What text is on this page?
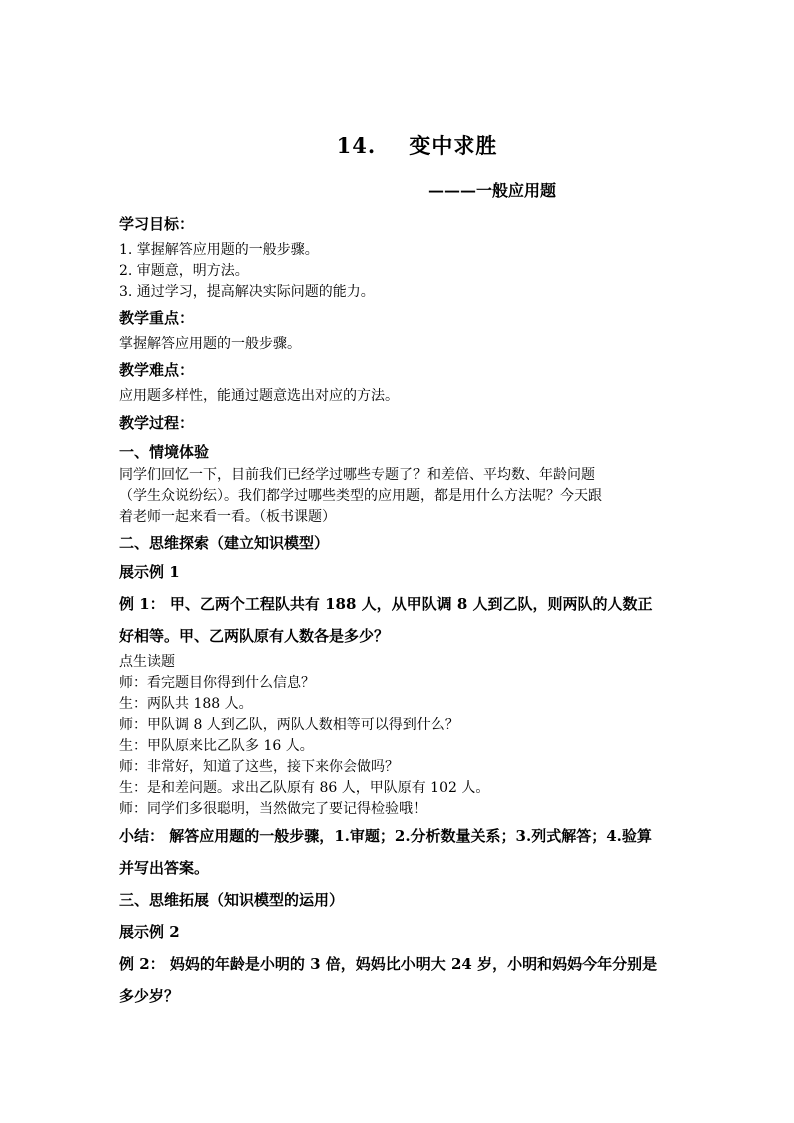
14.    变中求胜
———一般应用题
学习目标：
1. 掌握解答应用题的一般步骤。
2. 审题意，明方法。
3. 通过学习，提高解决实际问题的能力。
教学重点：
掌握解答应用题的一般步骤。
教学难点：
应用题多样性，能通过题意选出对应的方法。
教学过程：
一、情境体验
同学们回忆一下，目前我们已经学过哪些专题了？和差倍、平均数、年龄问题
（学生众说纷纭）。我们都学过哪些类型的应用题，都是用什么方法呢？今天跟
着老师一起来看一看。（板书课题）
二、思维探索（建立知识模型）
展示例 1
例 1： 甲、乙两个工程队共有 188 人，从甲队调 8 人到乙队，则两队的人数正
好相等。甲、乙两队原有人数各是多少？
点生读题
师：看完题目你得到什么信息？
生：两队共 188 人。
师：甲队调 8 人到乙队，两队人数相等可以得到什么？
生：甲队原来比乙队多 16 人。
师：非常好，知道了这些，接下来你会做吗？
生：是和差问题。求出乙队原有 86 人，甲队原有 102 人。
师：同学们多很聪明，当然做完了要记得检验哦！
小结： 解答应用题的一般步骤，1.审题；2.分析数量关系；3.列式解答；4.验算
并写出答案。
三、思维拓展（知识模型的运用）
展示例 2
例 2： 妈妈的年龄是小明的 3 倍，妈妈比小明大 24 岁，小明和妈妈今年分别是
多少岁？
